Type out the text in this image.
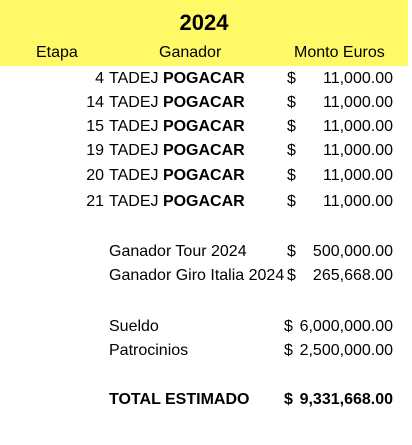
2024
Etapa	Ganador	Monto Euros
4 TADEJ POGACAR	$ 11,000.00
14 TADEJ POGACAR	$ 11,000.00
15 TADEJ POGACAR	$ 11,000.00
19 TADEJ POGACAR	$ 11,000.00
20 TADEJ POGACAR	$ 11,000.00
21 TADEJ POGACAR	$ 11,000.00
Ganador Tour 2024	$ 500,000.00
Ganador Giro Italia 2024 $ 265,668.00
Sueldo	$ 6,000,000.00
Patrocinios	$ 2,500,000.00
TOTAL ESTIMADO $ 9,331,668.00
